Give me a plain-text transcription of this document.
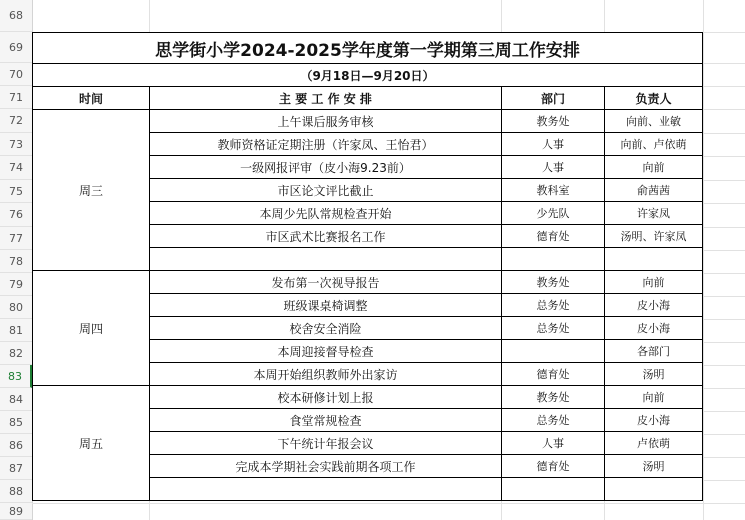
68
69
70
71
72
73
74
75
76
77
78
79
80
81
82
83
84
85
86
87
88
89
思学街小学2024-2025学年度第一学期第三周工作安排			
（9月18日—9月20日）			
时间	主 要 工 作 安 排	部门	负责人
周三	上午课后服务审核	教务处	向前、业敏
	教师资格证定期注册（许家凤、王怡君）	人事	向前、卢依萌
	一级网报评审（皮小海9.23前）	人事	向前
	市区论文评比截止	教科室	俞茜茜
	本周少先队常规检查开始	少先队	许家凤
	市区武术比赛报名工作	德育处	汤明、许家凤

周四	发布第一次视导报告	教务处	向前
	班级课桌椅调整	总务处	皮小海
	校舍安全消险	总务处	皮小海
	本周迎接督导检查		各部门
	本周开始组织教师外出家访	德育处	汤明
周五	校本研修计划上报	教务处	向前
	食堂常规检查	总务处	皮小海
	下午统计年报会议	人事	卢依萌
	完成本学期社会实践前期各项工作	德育处	汤明
